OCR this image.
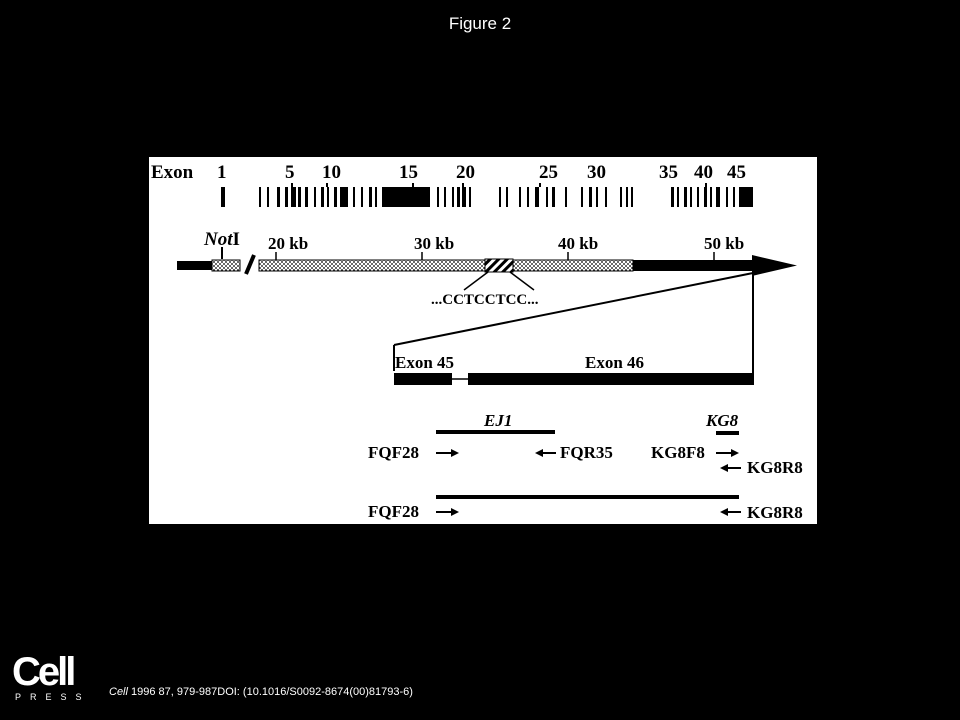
Figure 2
Exon 1	5 10	15 20	25 30	35 40 45
NotI 20 kb	30 kb	40 kb	50 kb
...CCTCCTCC...
Exon 45	Exon 46
EJ1	KG8
FQF28	FQR35 KG8F8
KG8R8
FQF28	KG8R8
Cell
PRESS Cell 1996 87, 979-987DOI: (10.1016/S0092-8674(00)81793-6)
